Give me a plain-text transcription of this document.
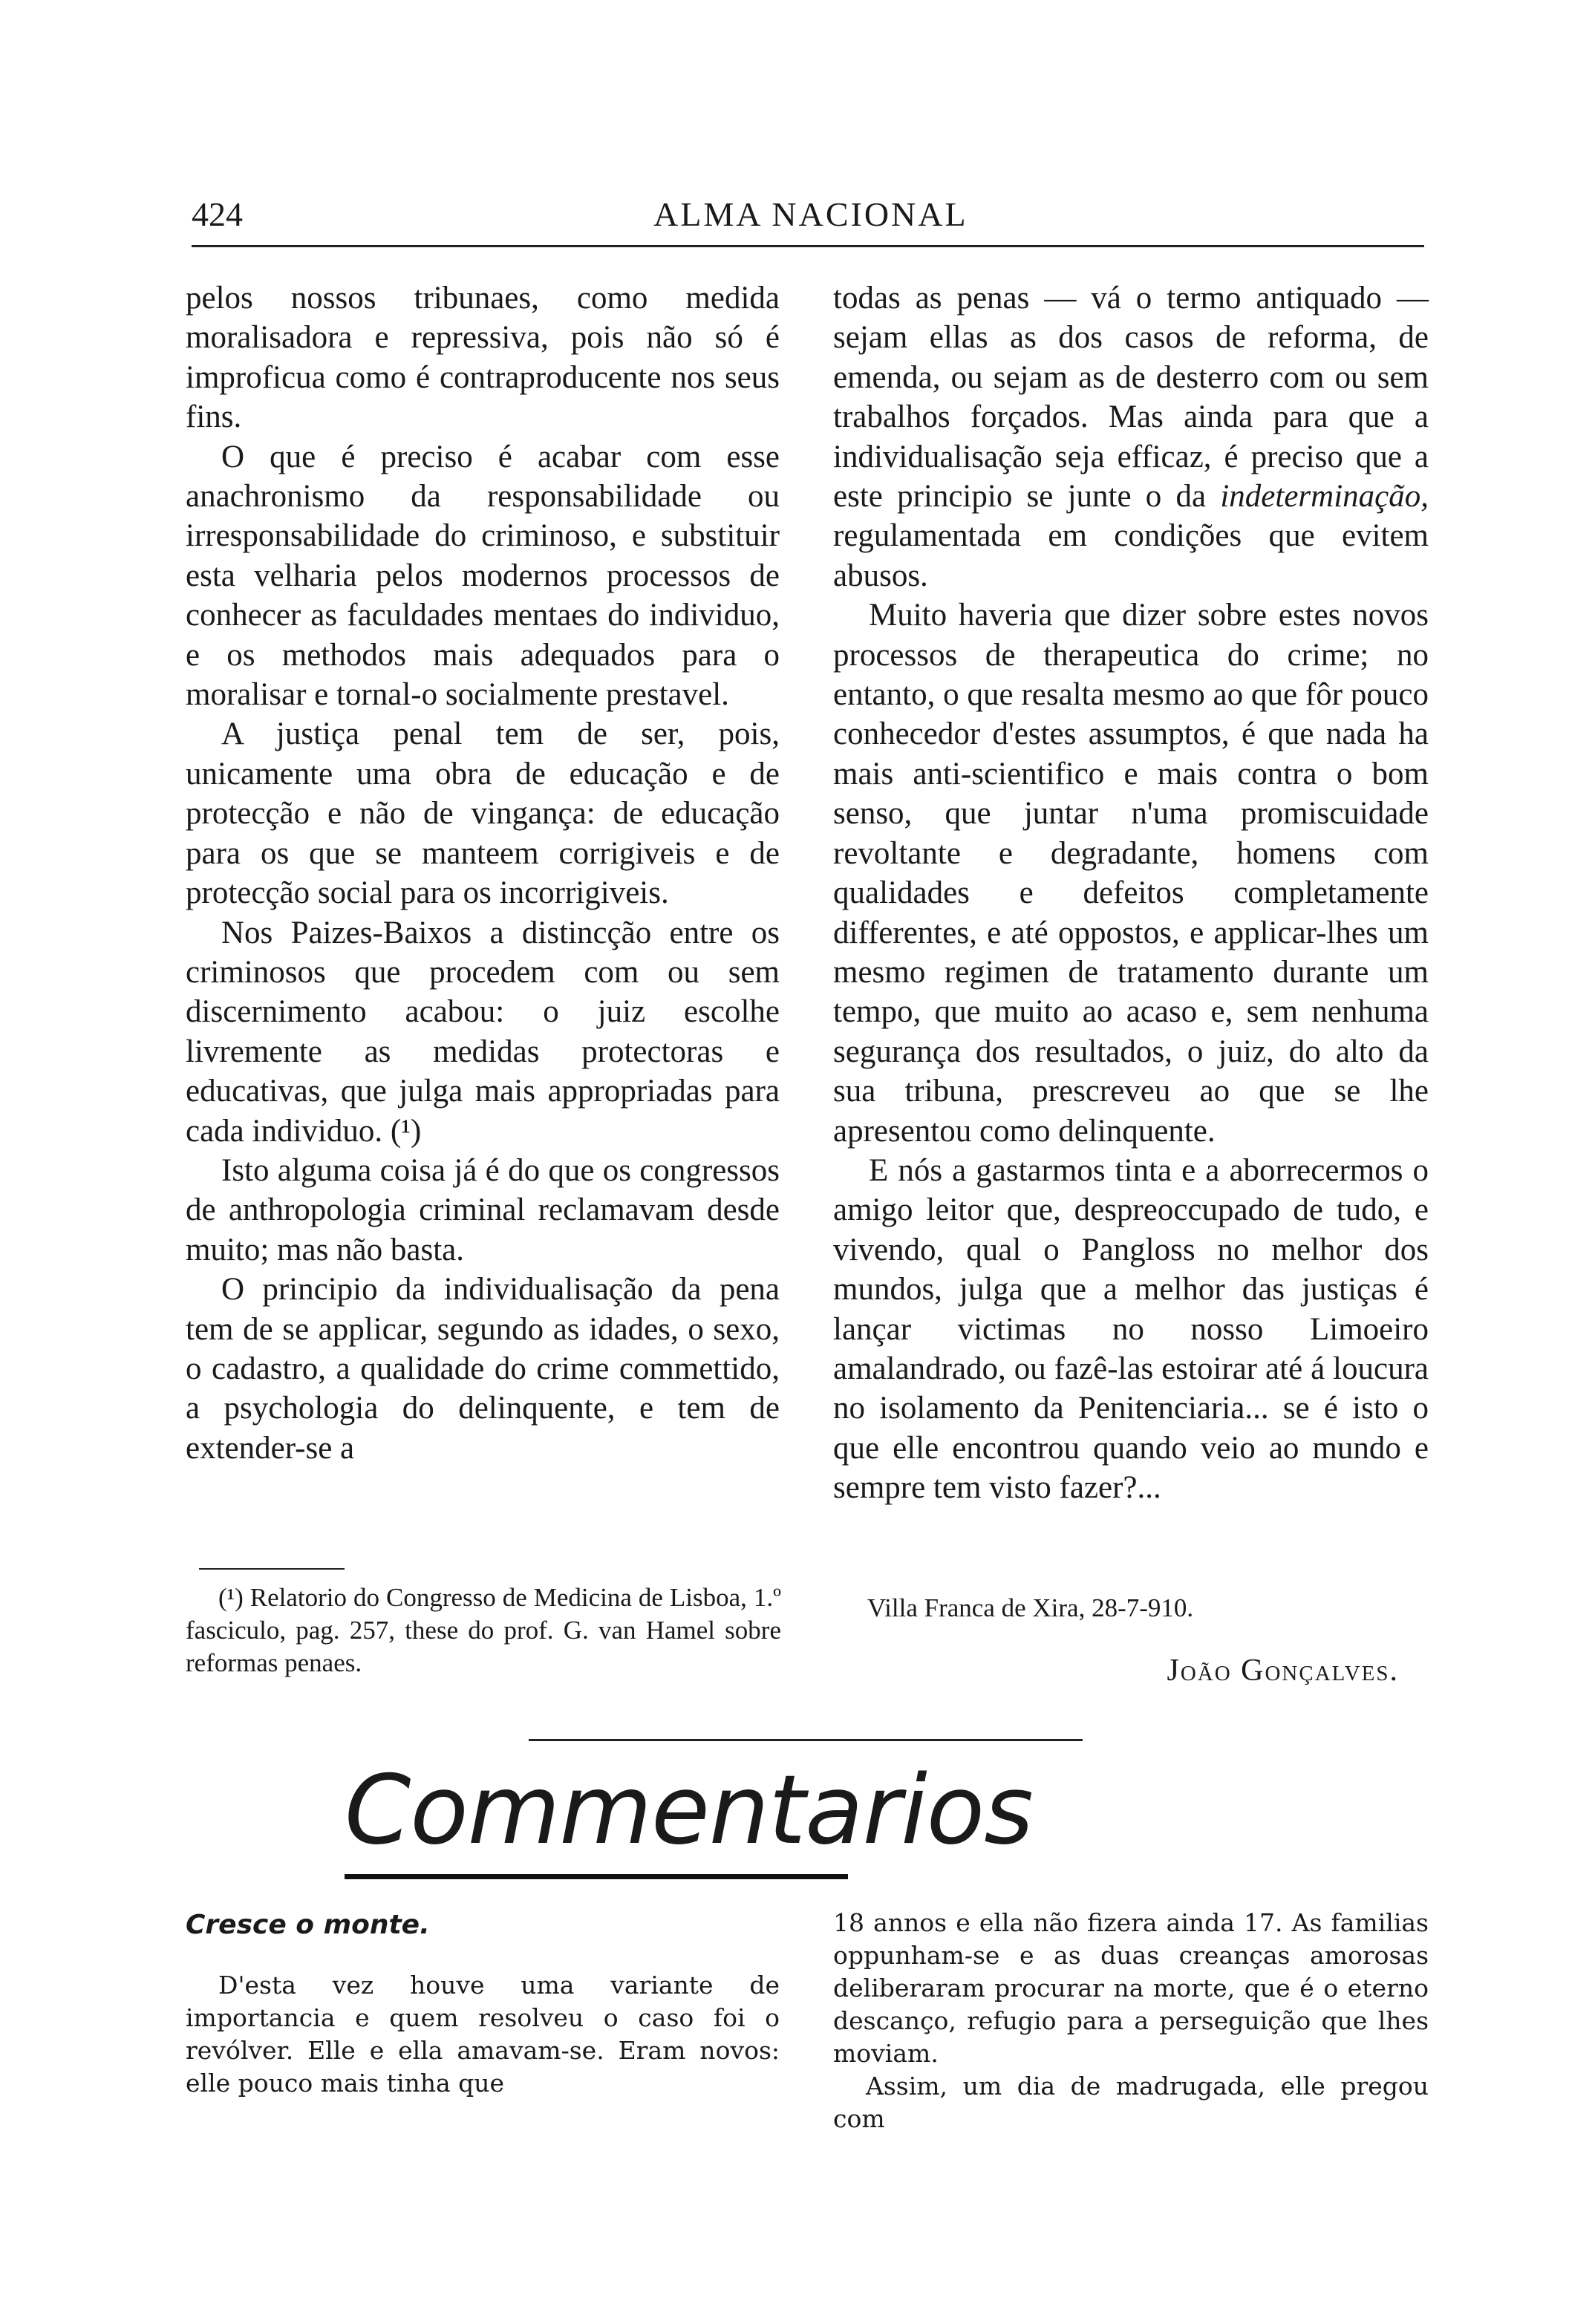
424	ALMA NACIONAL

pelos nossos tribunaes, como medida moralisadora e repressiva, pois não só é improficua como é contraproducente nos seus fins.

O que é preciso é acabar com esse anachronismo da responsabilidade ou irresponsabilidade do criminoso, e substituir esta velharia pelos modernos processos de conhecer as faculdades mentaes do individuo, e os methodos mais adequados para o moralisar e tornal-o socialmente prestavel.

A justiça penal tem de ser, pois, unicamente uma obra de educação e de protecção e não de vingança: de educação para os que se manteem corrigiveis e de protecção social para os incorrigiveis.

Nos Paizes-Baixos a distincção entre os criminosos que procedem com ou sem discernimento acabou: o juiz escolhe livremente as medidas protectoras e educativas, que julga mais appropriadas para cada individuo. (¹)

Isto alguma coisa já é do que os congressos de anthropologia criminal reclamavam desde muito; mas não basta.

O principio da individualisação da pena tem de se applicar, segundo as idades, o sexo, o cadastro, a qualidade do crime commettido, a psychologia do delinquente, e tem de extender-se a

todas as penas — vá o termo antiquado — sejam ellas as dos casos de reforma, de emenda, ou sejam as de desterro com ou sem trabalhos forçados. Mas ainda para que a individualisação seja efficaz, é preciso que a este principio se junte o da indeterminação, regulamentada em condições que evitem abusos.

Muito haveria que dizer sobre estes novos processos de therapeutica do crime; no entanto, o que resalta mesmo ao que fôr pouco conhecedor d'estes assumptos, é que nada ha mais anti-scientifico e mais contra o bom senso, que juntar n'uma promiscuidade revoltante e degradante, homens com qualidades e defeitos completamente differentes, e até oppostos, e applicar-lhes um mesmo regimen de tratamento durante um tempo, que muito ao acaso e, sem nenhuma segurança dos resultados, o juiz, do alto da sua tribuna, prescreveu ao que se lhe apresentou como delinquente.

E nós a gastarmos tinta e a aborrecermos o amigo leitor que, despreoccupado de tudo, e vivendo, qual o Pangloss no melhor dos mundos, julga que a melhor das justiças é lançar victimas no nosso Limoeiro amalandrado, ou fazê-las estoirar até á loucura no isolamento da Penitenciaria... se é isto o que elle encontrou quando veio ao mundo e sempre tem visto fazer?...

(¹) Relatorio do Congresso de Medicina de Lisboa, 1.º fasciculo, pag. 257, these do prof. G. van Hamel sobre reformas penaes.
Villa Franca de Xira, 28-7-910.
João Gonçalves.
Commentarios
Cresce o monte.

D'esta vez houve uma variante de importancia e quem resolveu o caso foi o revólver. Elle e ella amavam-se. Eram novos: elle pouco mais tinha que

18 annos e ella não fizera ainda 17. As familias oppunham-se e as duas creanças amorosas deliberaram procurar na morte, que é o eterno descanço, refugio para a perseguição que lhes moviam.

Assim, um dia de madrugada, elle pregou com
